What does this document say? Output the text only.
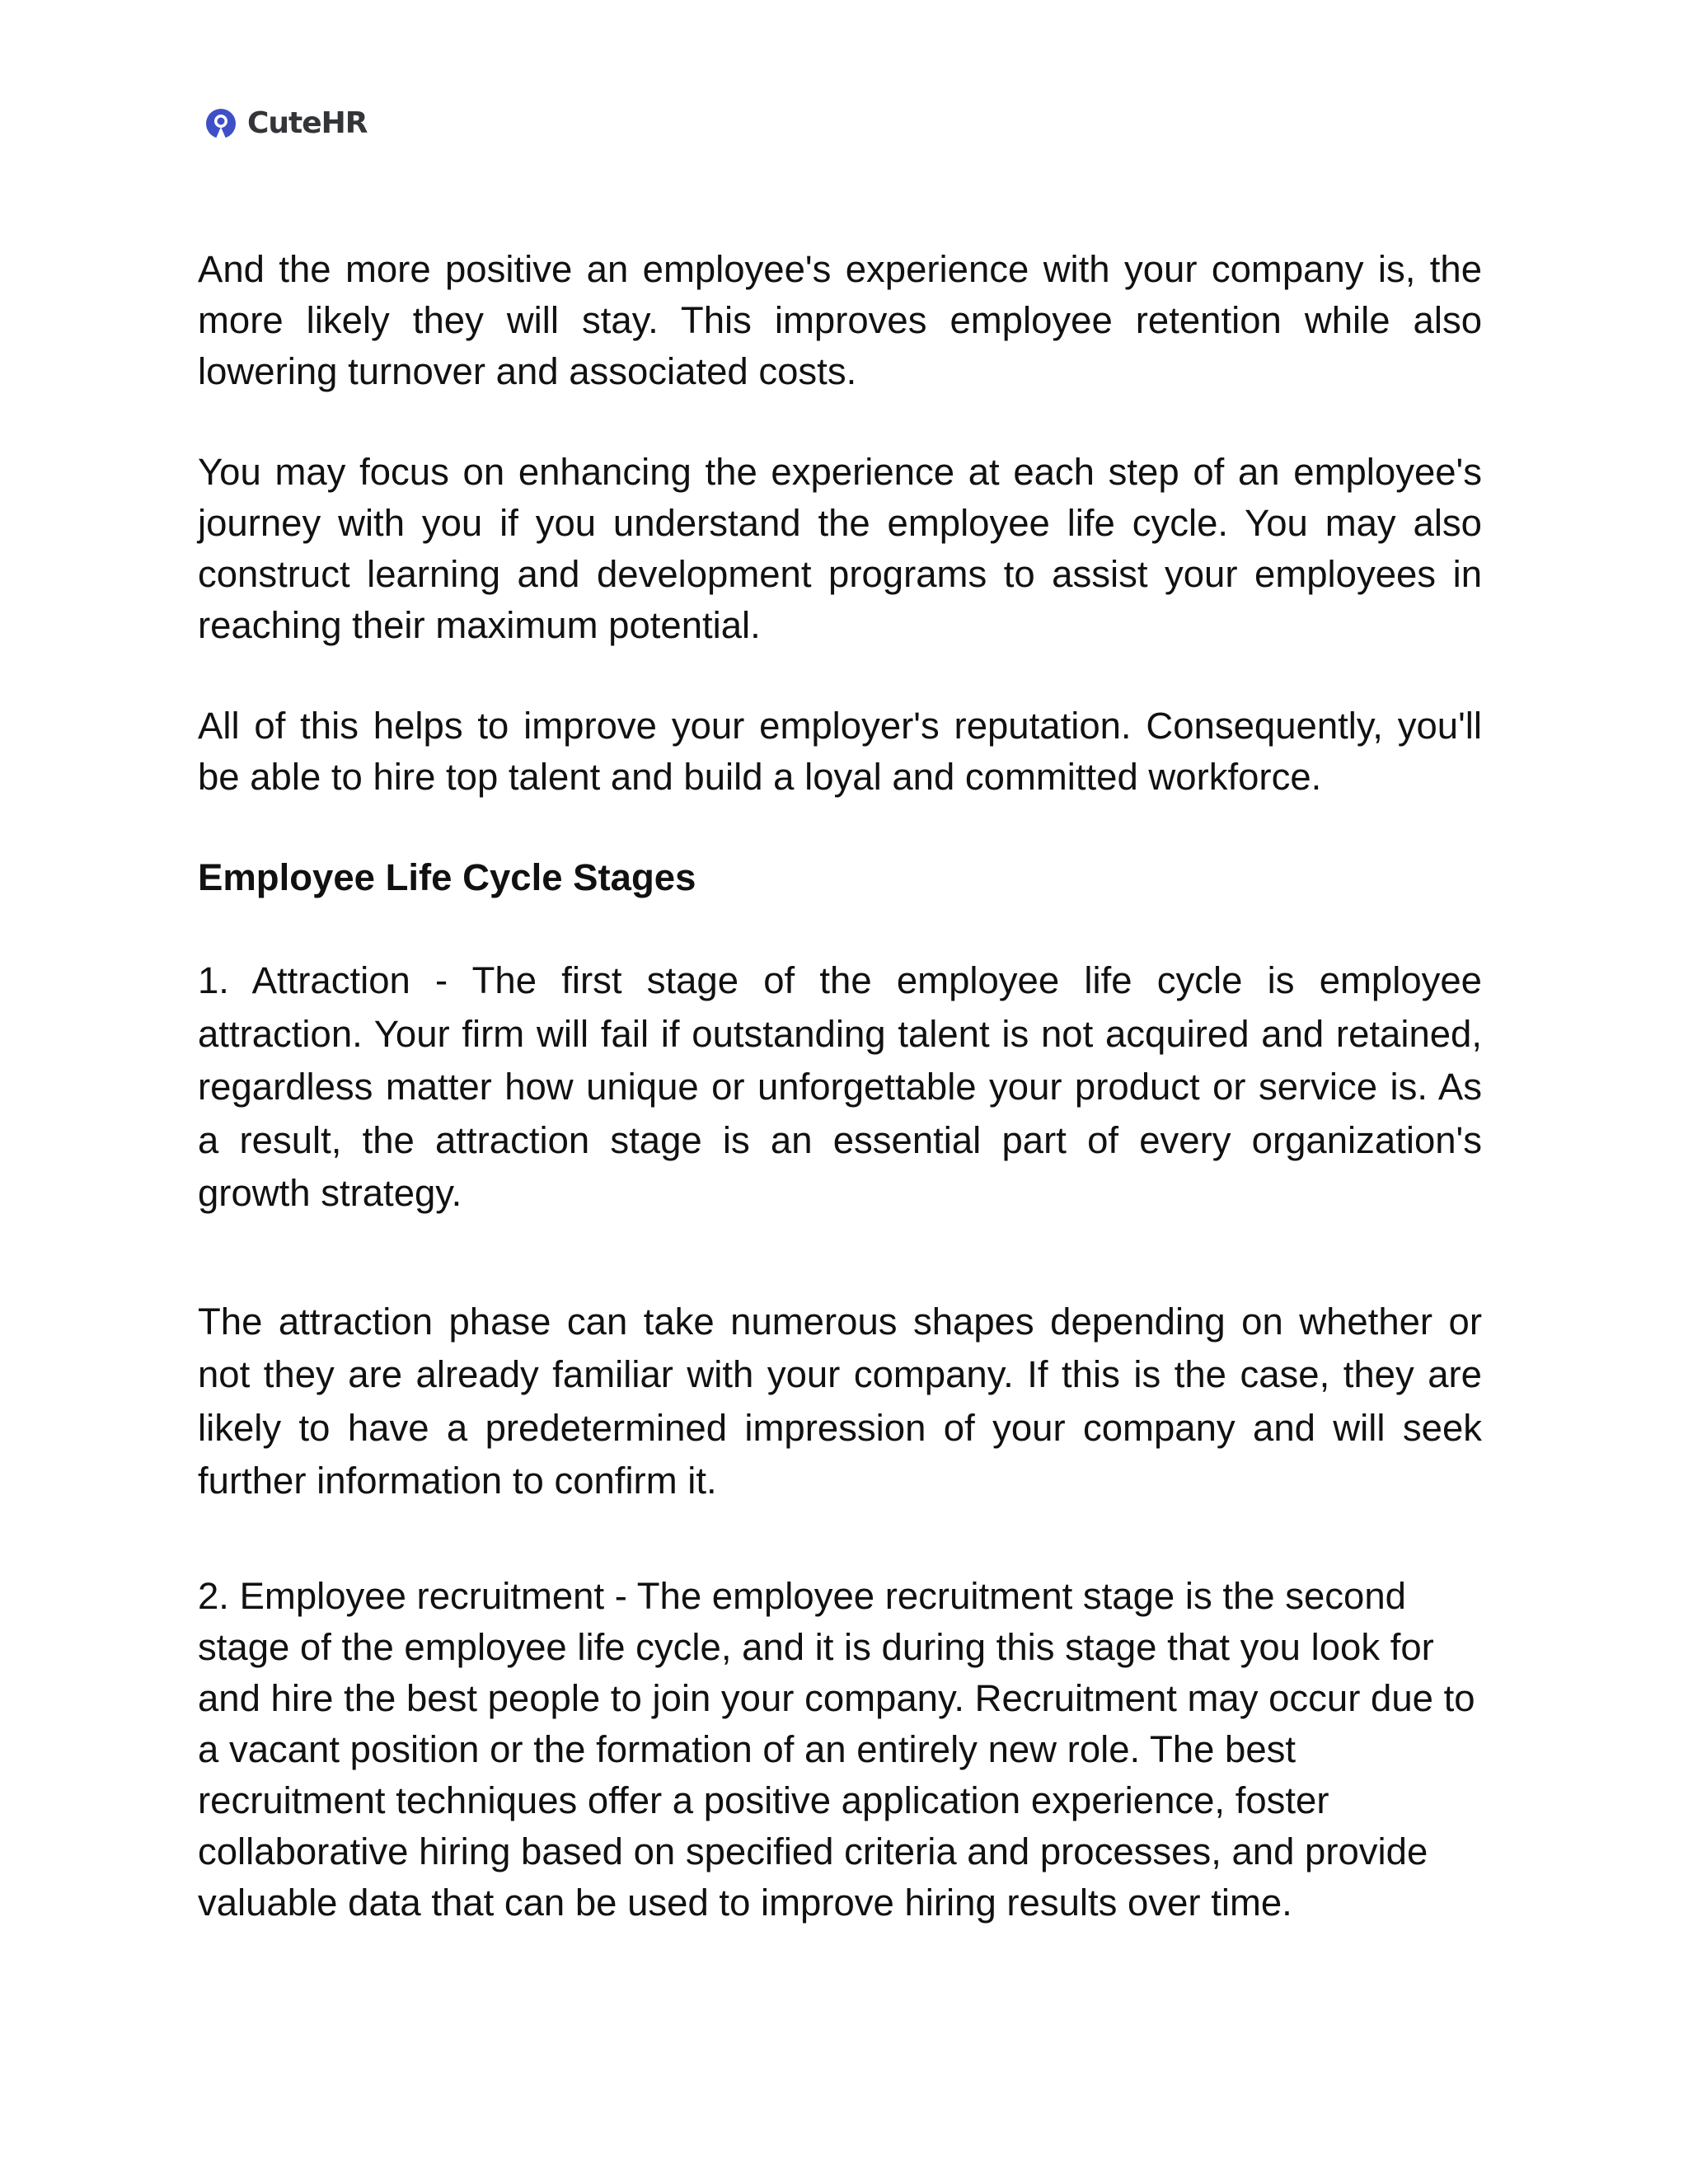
CuteHR

And the more positive an employee's experience with your company is, the more likely they will stay. This improves employee retention while also lowering turnover and associated costs.

You may focus on enhancing the experience at each step of an employee's journey with you if you understand the employee life cycle. You may also construct learning and development programs to assist your employees in reaching their maximum potential.

All of this helps to improve your employer's reputation. Consequently, you'll be able to hire top talent and build a loyal and committed workforce.

Employee Life Cycle Stages

1. Attraction - The first stage of the employee life cycle is employee attraction. Your firm will fail if outstanding talent is not acquired and retained, regardless matter how unique or unforgettable your product or service is. As a result, the attraction stage is an essential part of every organization's growth strategy.

The attraction phase can take numerous shapes depending on whether or not they are already familiar with your company. If this is the case, they are likely to have a predetermined impression of your company and will seek further information to confirm it.

2. Employee recruitment - The employee recruitment stage is the second stage of the employee life cycle, and it is during this stage that you look for and hire the best people to join your company. Recruitment may occur due to a vacant position or the formation of an entirely new role. The best recruitment techniques offer a positive application experience, foster collaborative hiring based on specified criteria and processes, and provide valuable data that can be used to improve hiring results over time.
